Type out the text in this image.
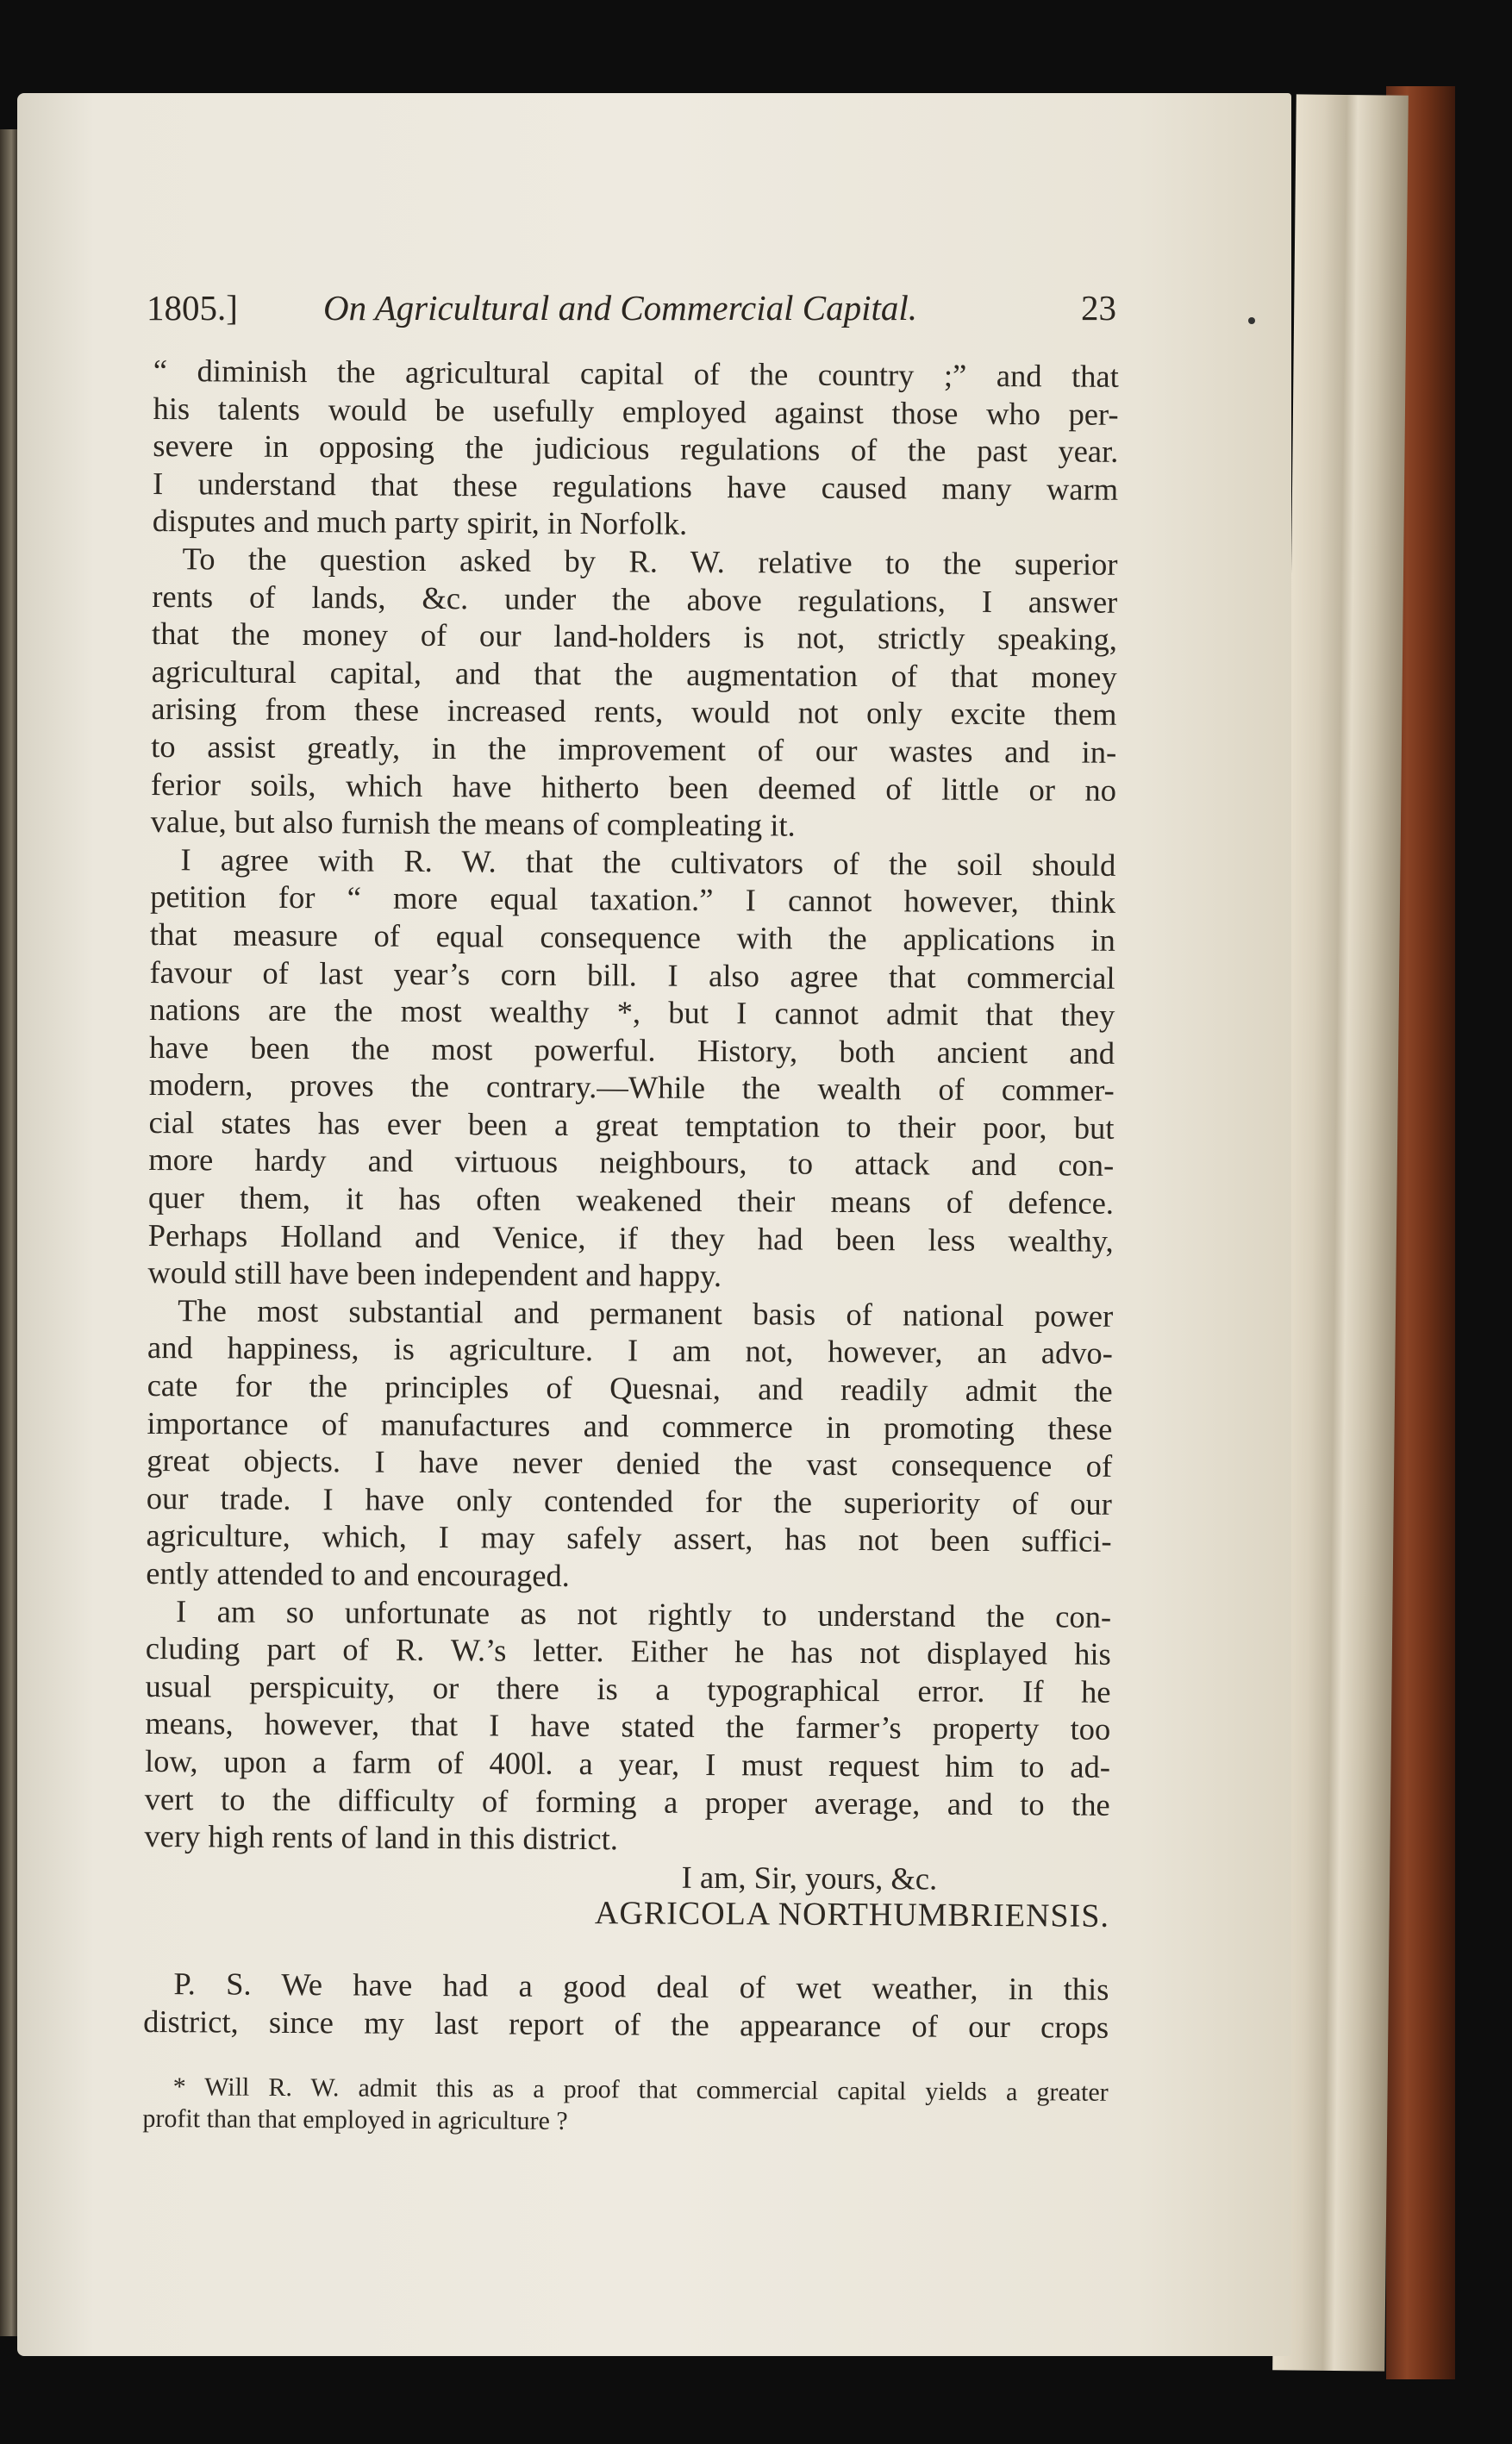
1805.] On Agricultural and Commercial Capital.	23
“ diminish the agricultural capital of the country ;” and that
his talents would be usefully employed against those who per-
severe in opposing the judicious regulations of the past year.
I understand that these regulations have caused many warm
disputes and much party spirit, in Norfolk.
To the question asked by R. W. relative to the superior
rents of lands, &c. under the above regulations, I answer
that the money of our land-holders is not, strictly speaking,
agricultural capital, and that the augmentation of that money
arising from these increased rents, would not only excite them
to assist greatly, in the improvement of our wastes and in-
ferior soils, which have hitherto been deemed of little or no
value, but also furnish the means of compleating it.
I agree with R. W. that the cultivators of the soil should
petition for “ more equal taxation.” I cannot however, think
that measure of equal consequence with the applications in
favour of last year’s corn bill. I also agree that commercial
nations are the most wealthy *, but I cannot admit that they
have been the most powerful. History, both ancient and
modern, proves the contrary.—While the wealth of commer-
cial states has ever been a great temptation to their poor, but
more hardy and virtuous neighbours, to attack and con-
quer them, it has often weakened their means of defence.
Perhaps Holland and Venice, if they had been less wealthy,
would still have been independent and happy.
The most substantial and permanent basis of national power
and happiness, is agriculture. I am not, however, an advo-
cate for the principles of Quesnai, and readily admit the
importance of manufactures and commerce in promoting these
great objects. I have never denied the vast consequence of
our trade. I have only contended for the superiority of our
agriculture, which, I may safely assert, has not been suffici-
ently attended to and encouraged.
I am so unfortunate as not rightly to understand the con-
cluding part of R. W.’s letter. Either he has not displayed his
usual perspicuity, or there is a typographical error. If he
means, however, that I have stated the farmer’s property too
low, upon a farm of 400l. a year, I must request him to ad-
vert to the difficulty of forming a proper average, and to the
very high rents of land in this district.
I am, Sir, yours, &c.
AGRICOLA NORTHUMBRIENSIS.
P. S. We have had a good deal of wet weather, in this
district, since my last report of the appearance of our crops
* Will R. W. admit this as a proof that commercial capital yields a greater
profit than that employed in agriculture ?
